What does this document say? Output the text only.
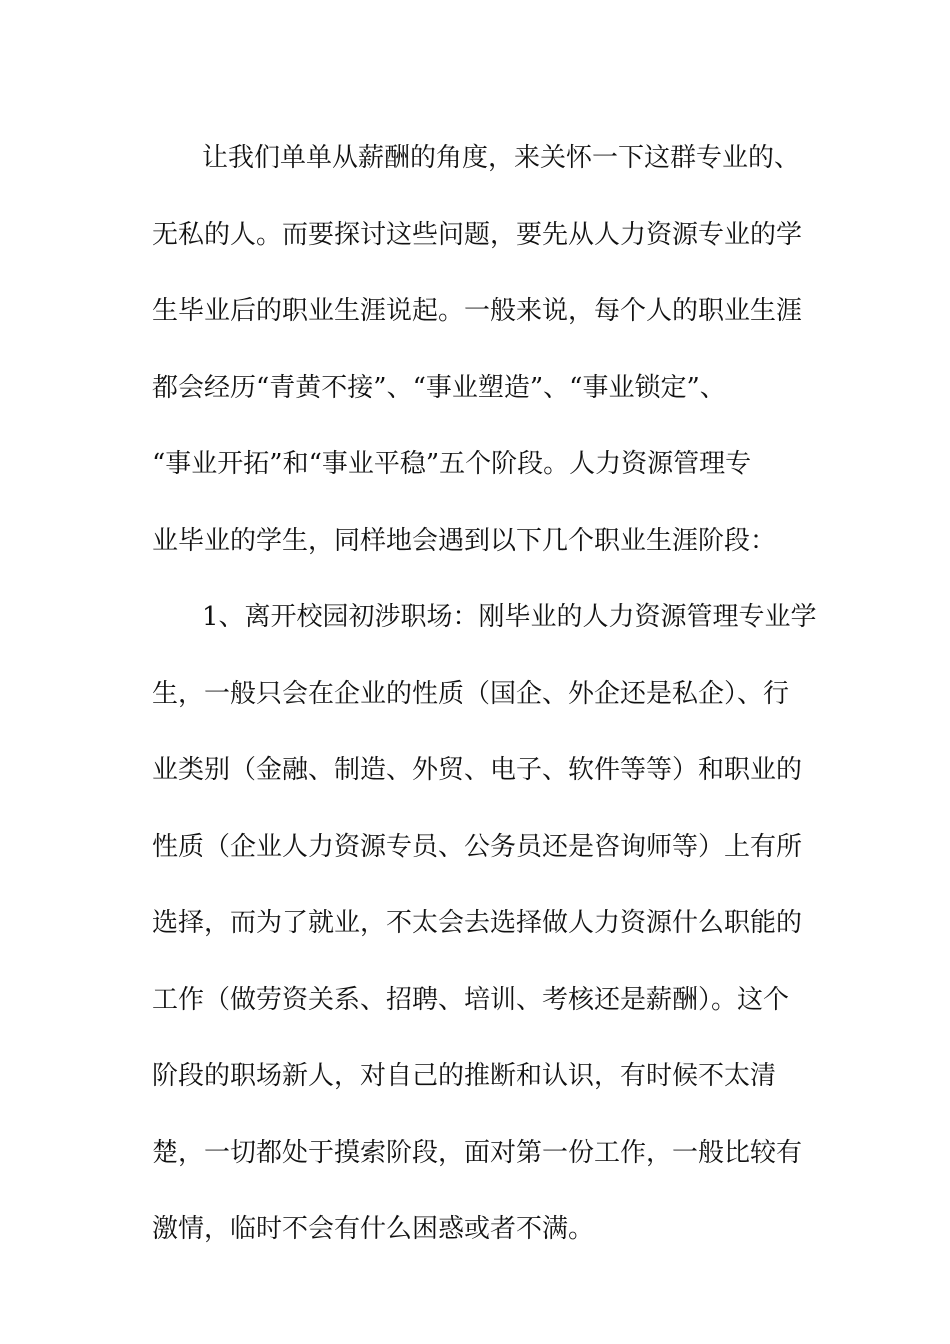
让我们单单从薪酬的角度，来关怀一下这群专业的、
无私的人。而要探讨这些问题，要先从人力资源专业的学
生毕业后的职业生涯说起。一般来说，每个人的职业生涯
都会经历“青黄不接”、“事业塑造”、“事业锁定”、
“事业开拓”和“事业平稳”五个阶段。人力资源管理专
业毕业的学生，同样地会遇到以下几个职业生涯阶段：
1、离开校园初涉职场：刚毕业的人力资源管理专业学
生，一般只会在企业的性质（国企、外企还是私企）、行
业类别（金融、制造、外贸、电子、软件等等）和职业的
性质（企业人力资源专员、公务员还是咨询师等）上有所
选择，而为了就业，不太会去选择做人力资源什么职能的
工作（做劳资关系、招聘、培训、考核还是薪酬）。这个
阶段的职场新人，对自己的推断和认识，有时候不太清
楚，一切都处于摸索阶段，面对第一份工作，一般比较有
激情，临时不会有什么困惑或者不满。
